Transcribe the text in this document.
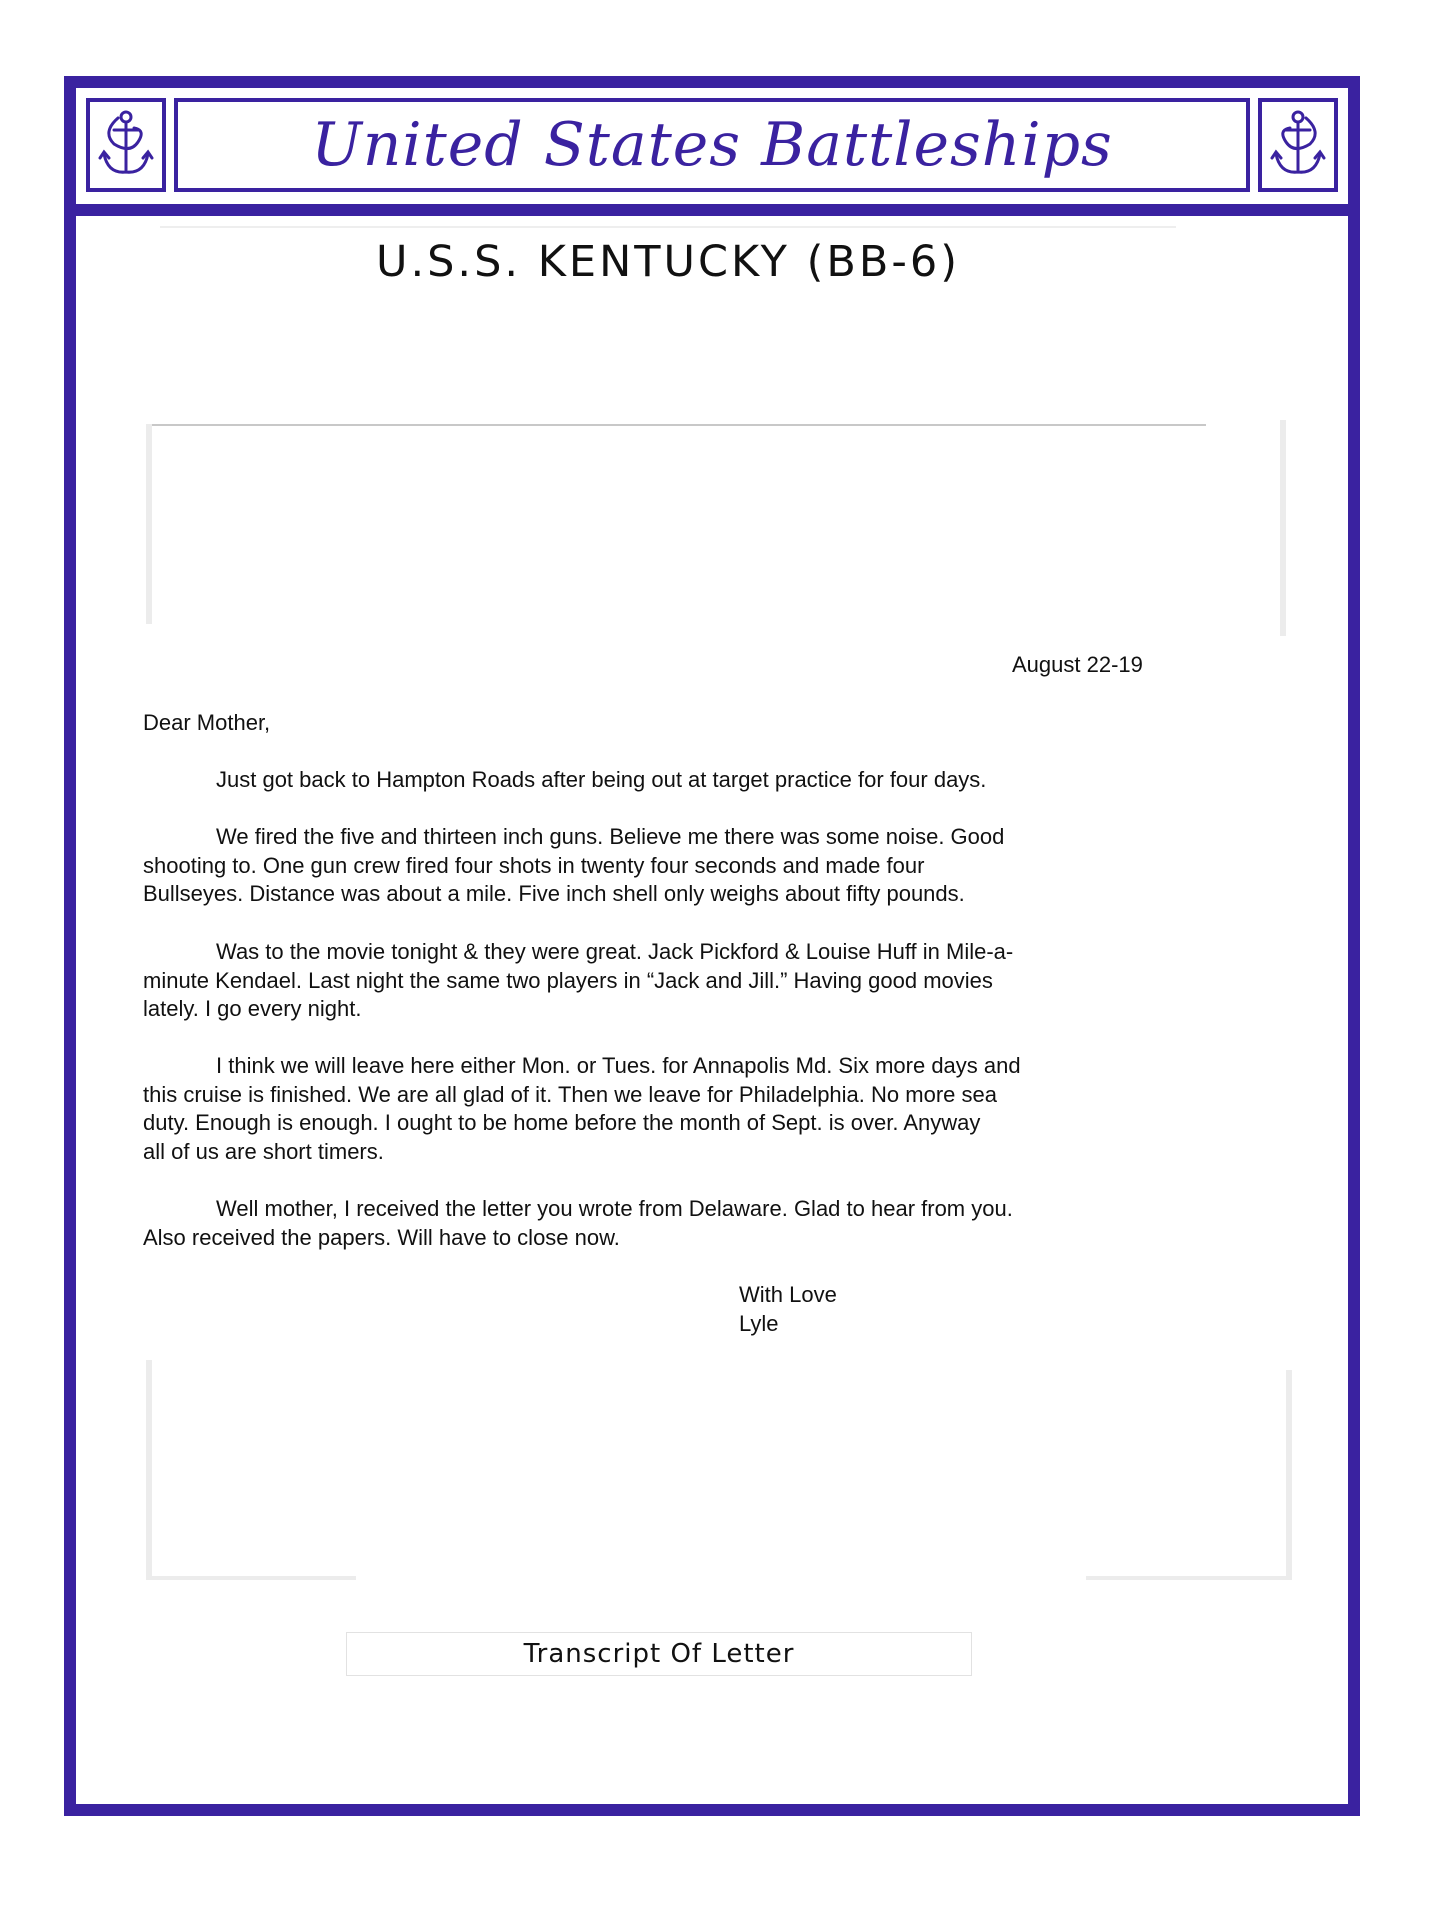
United States Battleships
U.S.S. KENTUCKY (BB-6)
August 22-19
Dear Mother,
Just got back to Hampton Roads after being out at target practice for four days.
We fired the five and thirteen inch guns. Believe me there was some noise. Good
shooting to. One gun crew fired four shots in twenty four seconds and made four
Bullseyes. Distance was about a mile. Five inch shell only weighs about fifty pounds.
Was to the movie tonight & they were great. Jack Pickford & Louise Huff in Mile-a-
minute Kendael. Last night the same two players in “Jack and Jill.” Having good movies
lately. I go every night.
I think we will leave here either Mon. or Tues. for Annapolis Md. Six more days and
this cruise is finished. We are all glad of it. Then we leave for Philadelphia. No more sea
duty. Enough is enough. I ought to be home before the month of Sept. is over. Anyway
all of us are short timers.
Well mother, I received the letter you wrote from Delaware. Glad to hear from you.
Also received the papers. Will have to close now.
With Love
Lyle
Transcript Of Letter
